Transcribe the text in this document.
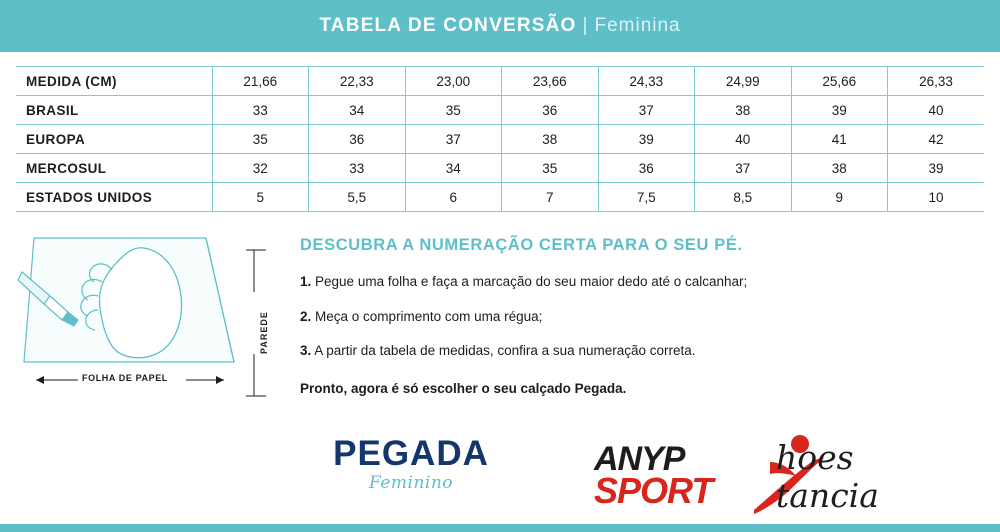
TABELA DE CONVERSÃO | Feminina
MEDIDA (CM)	21,66	22,33	23,00	23,66	24,33	24,99	25,66	26,33
BRASIL	33	34	35	36	37	38	39	40
EUROPA	35	36	37	38	39	40	41	42
MERCOSUL	32	33	34	35	36	37	38	39
ESTADOS UNIDOS	5	5,5	6	7	7,5	8,5	9	10
FOLHA DE PAPEL
PAREDE
DESCUBRA A NUMERAÇÃO CERTA PARA O SEU PÉ.
1. Pegue uma folha e faça a marcação do seu maior dedo até o calcanhar;
2. Meça o comprimento com uma régua;
3. A partir da tabela de medidas, confira a sua numeração correta.
Pronto, agora é só escolher o seu calçado Pegada.
PEGADA
Feminino
ANYP
SPORT
hoes
tancia
